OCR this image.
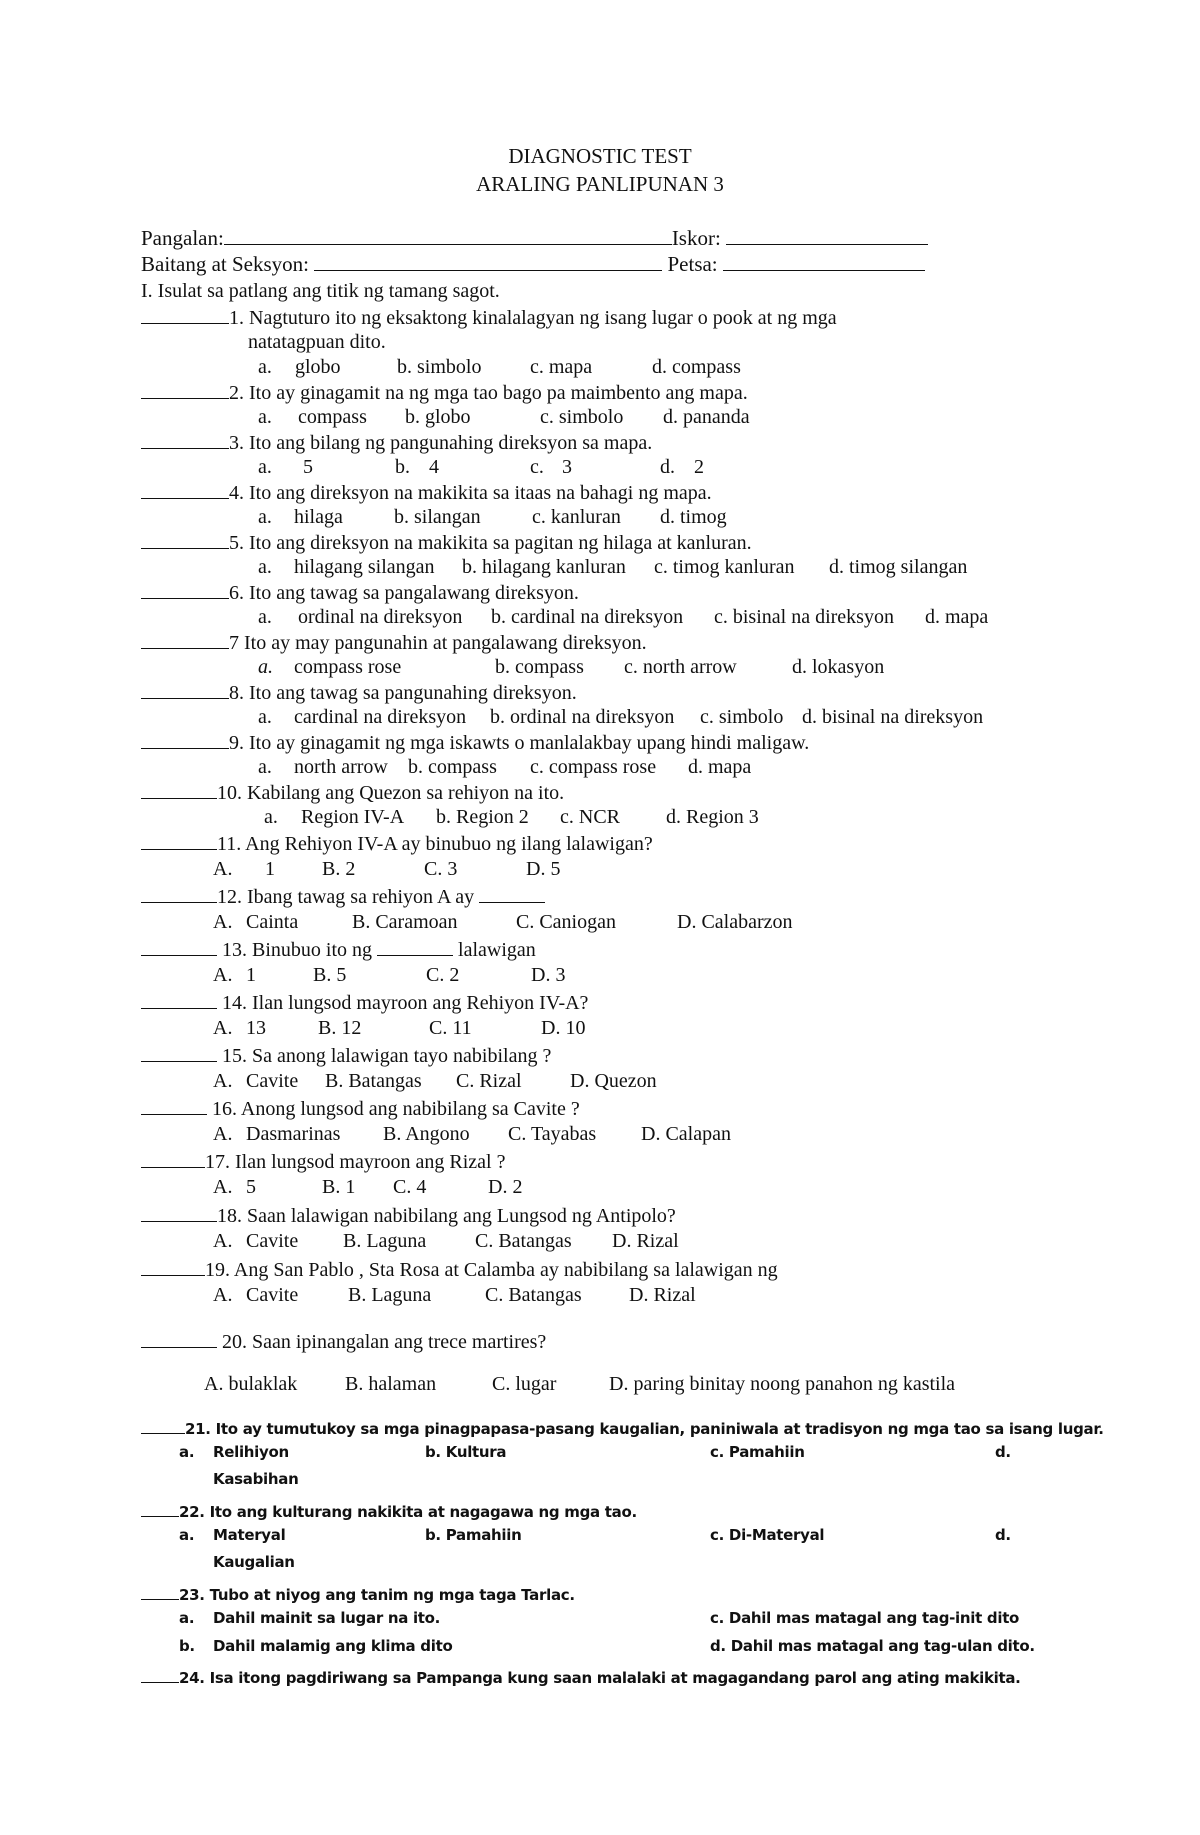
DIAGNOSTIC TEST
ARALING PANLIPUNAN 3
Pangalan:	Iskor:
Baitang at Seksyon:	Petsa:
I. Isulat sa patlang ang titik ng tamang sagot.
1. Nagtuturo ito ng eksaktong kinalalagyan ng isang lugar o pook at ng mga
natatagpuan dito.
a. globo	b. simbolo c. mapa	d. compass
2. Ito ay ginagamit na ng mga tao bago pa maimbento ang mapa.
a. compass b. globo	c. simbolo d. pananda
3. Ito ang bilang ng pangunahing direksyon sa mapa.
a. 5	b. 4	c. 3	d. 2
4. Ito ang direksyon na makikita sa itaas na bahagi ng mapa.
a. hilaga	b. silangan	c. kanluran d. timog
5. Ito ang direksyon na makikita sa pagitan ng hilaga at kanluran.
a. hilagang silangan b. hilagang kanluran c. timog kanluran d. timog silangan
6. Ito ang tawag sa pangalawang direksyon.
a. ordinal na direksyon b. cardinal na direksyon c. bisinal na direksyon d. mapa
7 Ito ay may pangunahin at pangalawang direksyon.
a. compass rose	b. compass c. north arrow	d. lokasyon
8. Ito ang tawag sa pangunahing direksyon.
a. cardinal na direksyon b. ordinal na direksyon c. simbolo d. bisinal na direksyon
9. Ito ay ginagamit ng mga iskawts o manlalakbay upang hindi maligaw.
a. north arrow b. compass c. compass rose d. mapa
10. Kabilang ang Quezon sa rehiyon na ito.
a. Region IV-A b. Region 2 c. NCR d. Region 3
11. Ang Rehiyon IV-A ay binubuo ng ilang lalawigan?
A. 1 B. 2	C. 3	D. 5
12. Ibang tawag sa rehiyon A ay
A. Cainta	B. Caramoan	C. Caniogan	D. Calabarzon
13. Binubuo ito ng	lalawigan
A. 1	B. 5	C. 2	D. 3
14. Ilan lungsod mayroon ang Rehiyon IV-A?
A. 13	B. 12	C. 11	D. 10
15. Sa anong lalawigan tayo nabibilang ?
A. Cavite B. Batangas C. Rizal D. Quezon
16. Anong lungsod ang nabibilang sa Cavite ?
A. Dasmarinas B. Angono C. Tayabas D. Calapan
17. Ilan lungsod mayroon ang Rizal ?
A. 5	B. 1 C. 4	D. 2
18. Saan lalawigan nabibilang ang Lungsod ng Antipolo?
A. Cavite B. Laguna C. Batangas D. Rizal
19. Ang San Pablo , Sta Rosa at Calamba ay nabibilang sa lalawigan ng
A. Cavite B. Laguna	C. Batangas D. Rizal
20. Saan ipinangalan ang trece martires?
A. bulaklak B. halaman	C. lugar	D. paring binitay noong panahon ng kastila
21. Ito ay tumutukoy sa mga pinagpapasa-pasang kaugalian, paniniwala at tradisyon ng mga tao sa isang lugar.
a. Relihiyon	b. Kultura	c. Pamahiin	d.
Kasabihan
22. Ito ang kulturang nakikita at nagagawa ng mga tao.
a. Materyal	b. Pamahiin	c. Di-Materyal	d.
Kaugalian
23. Tubo at niyog ang tanim ng mga taga Tarlac.
a. Dahil mainit sa lugar na ito.	c. Dahil mas matagal ang tag-init dito
b. Dahil malamig ang klima dito	d. Dahil mas matagal ang tag-ulan dito.
24. Isa itong pagdiriwang sa Pampanga kung saan malalaki at magagandang parol ang ating makikita.
